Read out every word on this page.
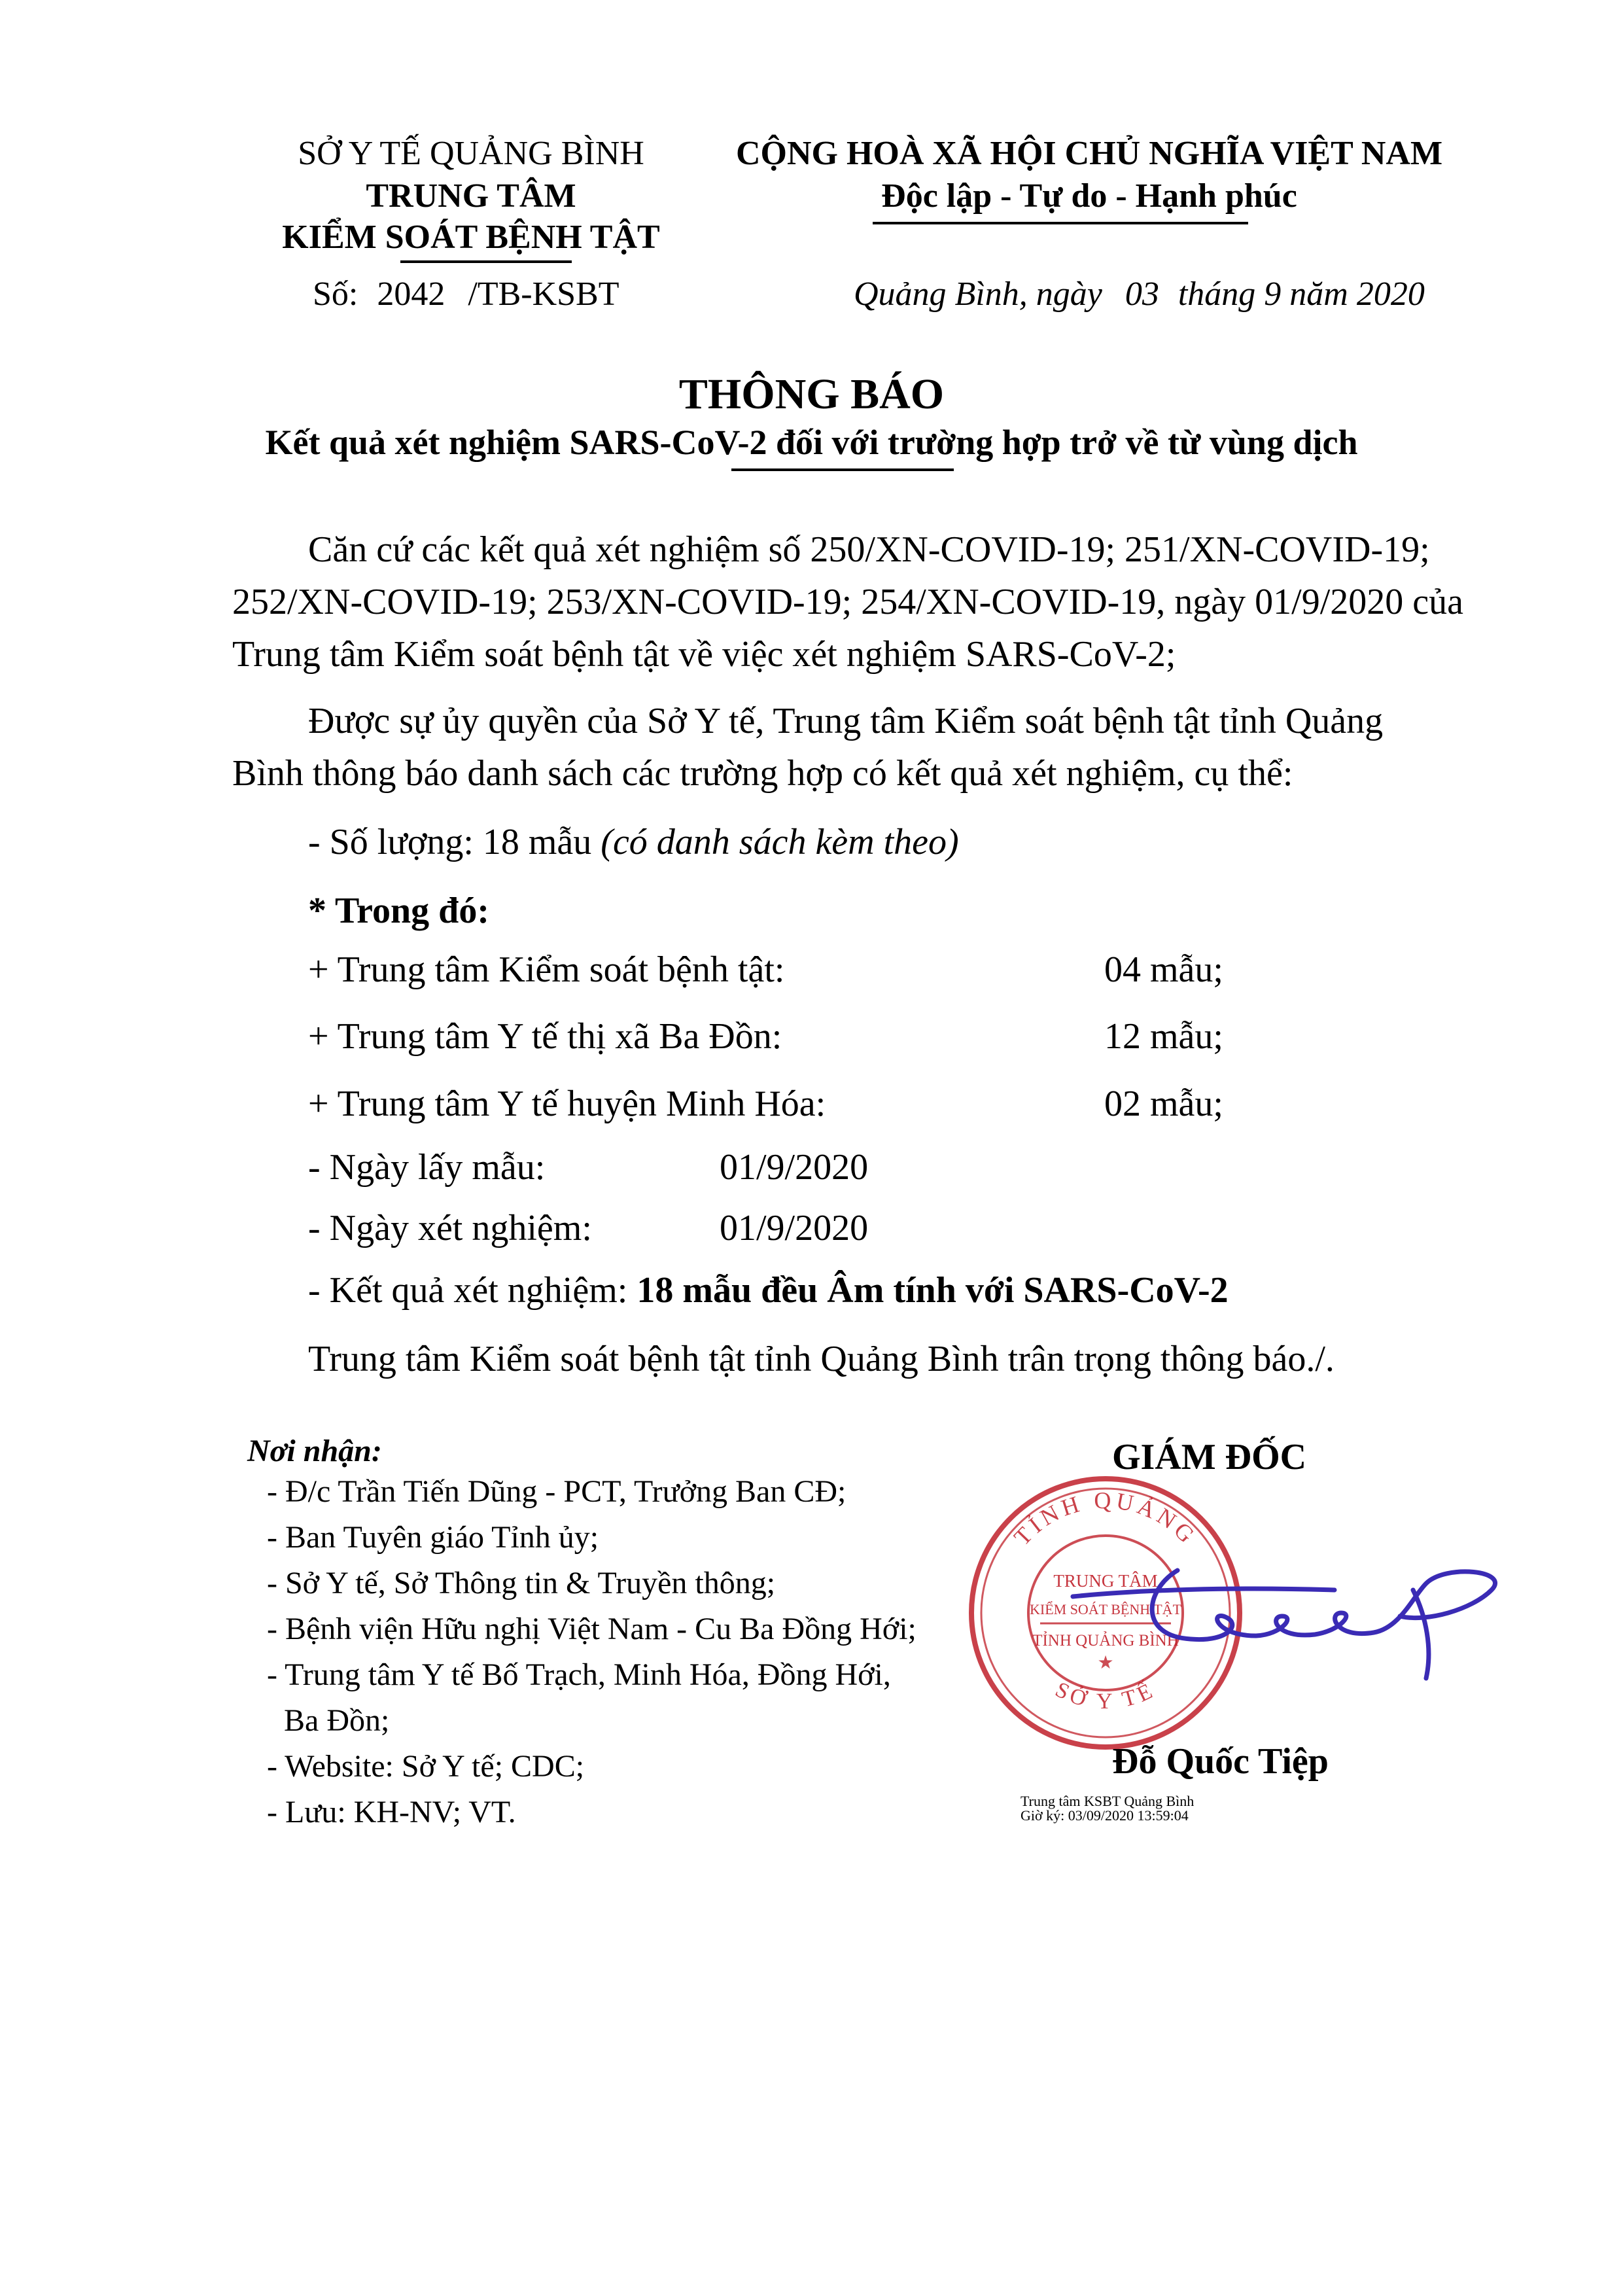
SỞ Y TẾ QUẢNG BÌNH
TRUNG TÂM
KIỂM SOÁT BỆNH TẬT
Số: 2042 /TB-KSBT
CỘNG HOÀ XÃ HỘI CHỦ NGHĨA VIỆT NAM
Độc lập - Tự do - Hạnh phúc
Quảng Bình, ngày 03 tháng 9 năm 2020
THÔNG BÁO
Kết quả xét nghiệm SARS-CoV-2 đối với trường hợp trở về từ vùng dịch
Căn cứ các kết quả xét nghiệm số 250/XN-COVID-19; 251/XN-COVID-19;
252/XN-COVID-19; 253/XN-COVID-19; 254/XN-COVID-19, ngày 01/9/2020 của
Trung tâm Kiểm soát bệnh tật về việc xét nghiệm SARS-CoV-2;
Được sự ủy quyền của Sở Y tế, Trung tâm Kiểm soát bệnh tật tỉnh Quảng
Bình thông báo danh sách các trường hợp có kết quả xét nghiệm, cụ thể:
- Số lượng: 18 mẫu (có danh sách kèm theo)
* Trong đó:
+ Trung tâm Kiểm soát bệnh tật:	04 mẫu;
+ Trung tâm Y tế thị xã Ba Đồn:	12 mẫu;
+ Trung tâm Y tế huyện Minh Hóa:	02 mẫu;
- Ngày lấy mẫu:	01/9/2020
- Ngày xét nghiệm:	01/9/2020
- Kết quả xét nghiệm: 18 mẫu đều Âm tính với SARS-CoV-2
Trung tâm Kiểm soát bệnh tật tỉnh Quảng Bình trân trọng thông báo./.
Nơi nhận:
- Đ/c Trần Tiến Dũng - PCT, Trưởng Ban CĐ;
- Ban Tuyên giáo Tỉnh ủy;
- Sở Y tế, Sở Thông tin & Truyền thông;
- Bệnh viện Hữu nghị Việt Nam - Cu Ba Đồng Hới;
- Trung tâm Y tế Bố Trạch, Minh Hóa, Đồng Hới,
Ba Đồn;
- Website: Sở Y tế; CDC;
- Lưu: KH-NV; VT.
GIÁM ĐỐC
TỈNH QUẢNG
SỞ Y TẾ
TRUNG TÂM
KIỂM SOÁT BỆNH TẬT
TỈNH QUẢNG BÌNH
★
Đỗ Quốc Tiệp
Trung tâm KSBT Quảng Bình
Giờ ký: 03/09/2020 13:59:04
